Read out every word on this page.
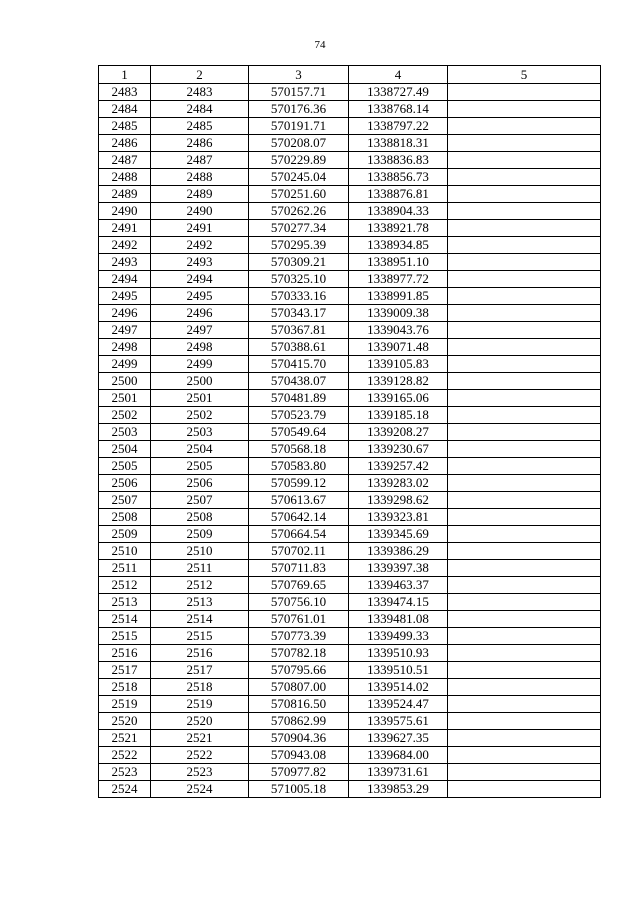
74
1	2	3	4	5
2483	2483	570157.71	1338727.49	
2484	2484	570176.36	1338768.14	
2485	2485	570191.71	1338797.22	
2486	2486	570208.07	1338818.31	
2487	2487	570229.89	1338836.83	
2488	2488	570245.04	1338856.73	
2489	2489	570251.60	1338876.81	
2490	2490	570262.26	1338904.33	
2491	2491	570277.34	1338921.78	
2492	2492	570295.39	1338934.85	
2493	2493	570309.21	1338951.10	
2494	2494	570325.10	1338977.72	
2495	2495	570333.16	1338991.85	
2496	2496	570343.17	1339009.38	
2497	2497	570367.81	1339043.76	
2498	2498	570388.61	1339071.48	
2499	2499	570415.70	1339105.83	
2500	2500	570438.07	1339128.82	
2501	2501	570481.89	1339165.06	
2502	2502	570523.79	1339185.18	
2503	2503	570549.64	1339208.27	
2504	2504	570568.18	1339230.67	
2505	2505	570583.80	1339257.42	
2506	2506	570599.12	1339283.02	
2507	2507	570613.67	1339298.62	
2508	2508	570642.14	1339323.81	
2509	2509	570664.54	1339345.69	
2510	2510	570702.11	1339386.29	
2511	2511	570711.83	1339397.38	
2512	2512	570769.65	1339463.37	
2513	2513	570756.10	1339474.15	
2514	2514	570761.01	1339481.08	
2515	2515	570773.39	1339499.33	
2516	2516	570782.18	1339510.93	
2517	2517	570795.66	1339510.51	
2518	2518	570807.00	1339514.02	
2519	2519	570816.50	1339524.47	
2520	2520	570862.99	1339575.61	
2521	2521	570904.36	1339627.35	
2522	2522	570943.08	1339684.00	
2523	2523	570977.82	1339731.61	
2524	2524	571005.18	1339853.29	
